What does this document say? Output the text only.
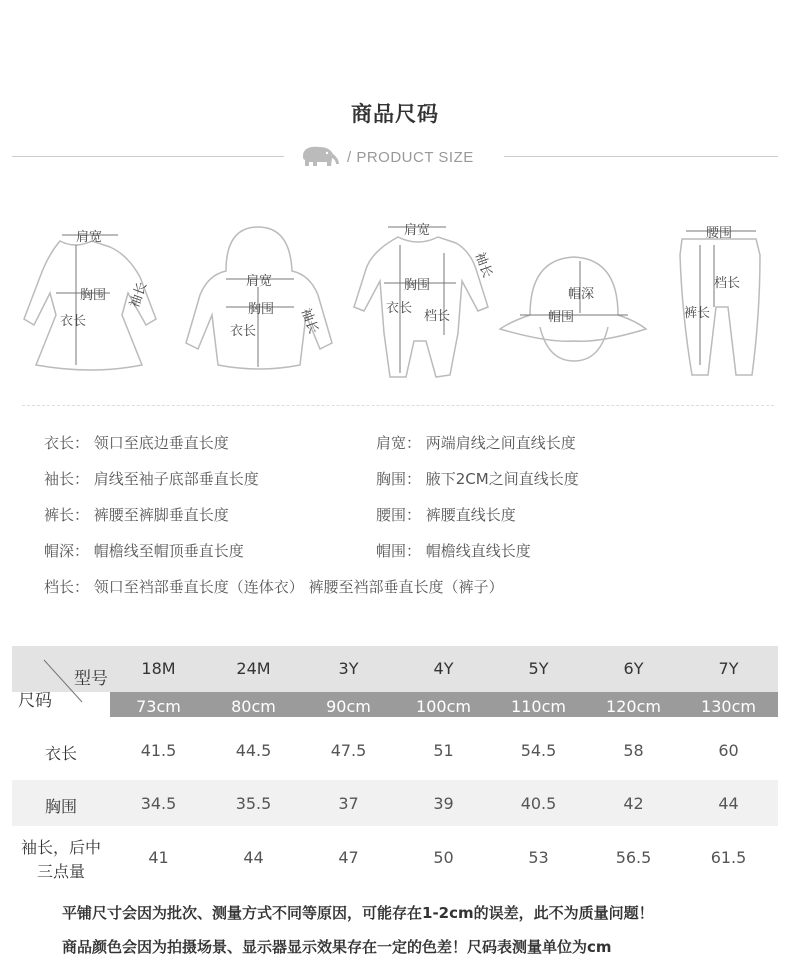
商品尺码
/ PRODUCT SIZE
肩宽
胸围
衣长
袖长	肩宽
胸围
衣长	袖长
肩宽
胸围
衣长
档长
袖长
帽深
帽围
腰围
档长
裤长
衣长： 领口至底边垂直长度	肩宽： 两端肩线之间直线长度
袖长： 肩线至袖子底部垂直长度	胸围： 腋下2CM之间直线长度
裤长： 裤腰至裤脚垂直长度	腰围： 裤腰直线长度
帽深： 帽檐线至帽顶垂直长度	帽围： 帽檐线直线长度
档长： 领口至裆部垂直长度（连体衣） 裤腰至裆部垂直长度（裤子）
型号
尺码
18M	24M	3Y	4Y	5Y	6Y	7Y
73cm	80cm	90cm	100cm	110cm	120cm	130cm
衣长	41.5	44.5	47.5	51	54.5	58	60
胸围	34.5	35.5	37	39	40.5	42	44
袖长，后中
三点量
41	44	47	50	53	56.5	61.5
平铺尺寸会因为批次、测量方式不同等原因，可能存在1-2cm的误差，此不为质量问题！
商品颜色会因为拍摄场景、显示器显示效果存在一定的色差！尺码表测量单位为cm
